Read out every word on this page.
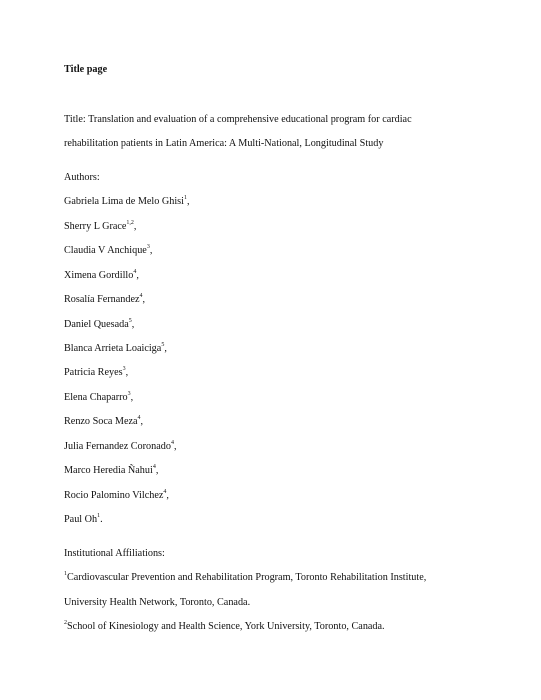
Title page
Title: Translation and evaluation of a comprehensive educational program for cardiac
rehabilitation patients in Latin America: A Multi-National, Longitudinal Study
Authors:
Gabriela Lima de Melo Ghisi$^1$,
Sherry L Grace$^{1,2}$,
Claudia V Anchique$^3$,
Ximena Gordillo$^4$,
Rosalía Fernandez$^4$,
Daniel Quesada$^5$,
Blanca Arrieta Loaiciga$^5$,
Patricia Reyes$^3$,
Elena Chaparro$^3$,
Renzo Soca Meza$^4$,
Julia Fernandez Coronado$^4$,
Marco Heredia Ñahui$^4$,
Rocio Palomino Vilchez$^4$,
Paul Oh$^1$.
Institutional Affiliations:
$^1$Cardiovascular Prevention and Rehabilitation Program, Toronto Rehabilitation Institute,
University Health Network, Toronto, Canada.
$^2$School of Kinesiology and Health Science, York University, Toronto, Canada.
